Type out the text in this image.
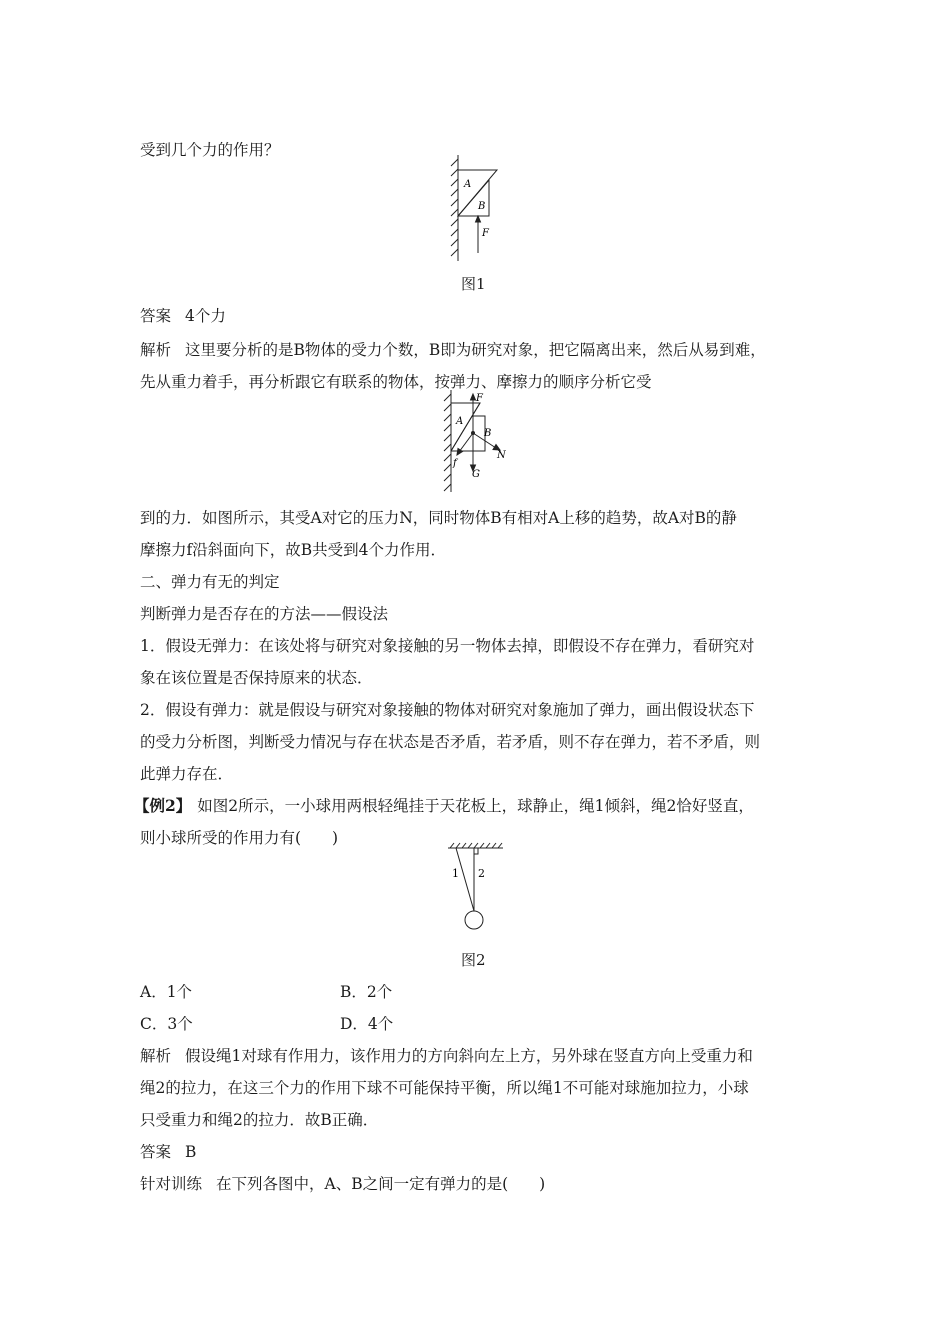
受到几个力的作用？
A
B
F
图1
答案 4个力
解析 这里要分析的是B物体的受力个数，B即为研究对象，把它隔离出来，然后从易到难，
先从重力着手，再分析跟它有联系的物体，按弹力、摩擦力的顺序分析它受
F
A
B
N
f
G
到的力．如图所示，其受A对它的压力N，同时物体B有相对A上移的趋势，故A对B的静
摩擦力f沿斜面向下，故B共受到4个力作用．
二、弹力有无的判定
判断弹力是否存在的方法——假设法
1．假设无弹力：在该处将与研究对象接触的另一物体去掉，即假设不存在弹力，看研究对
象在该位置是否保持原来的状态．
2．假设有弹力：就是假设与研究对象接触的物体对研究对象施加了弹力，画出假设状态下
的受力分析图，判断受力情况与存在状态是否矛盾，若矛盾，则不存在弹力，若不矛盾，则
此弹力存在．
【例2】 如图2所示，一小球用两根轻绳挂于天花板上，球静止，绳1倾斜，绳2恰好竖直，
则小球所受的作用力有(　　)
1 2
图2
A．1个	B．2个
C．3个	D．4个
解析 假设绳1对球有作用力，该作用力的方向斜向左上方，另外球在竖直方向上受重力和
绳2的拉力，在这三个力的作用下球不可能保持平衡，所以绳1不可能对球施加拉力，小球
只受重力和绳2的拉力．故B正确．
答案 B
针对训练 在下列各图中，A、B之间一定有弹力的是(　　)
